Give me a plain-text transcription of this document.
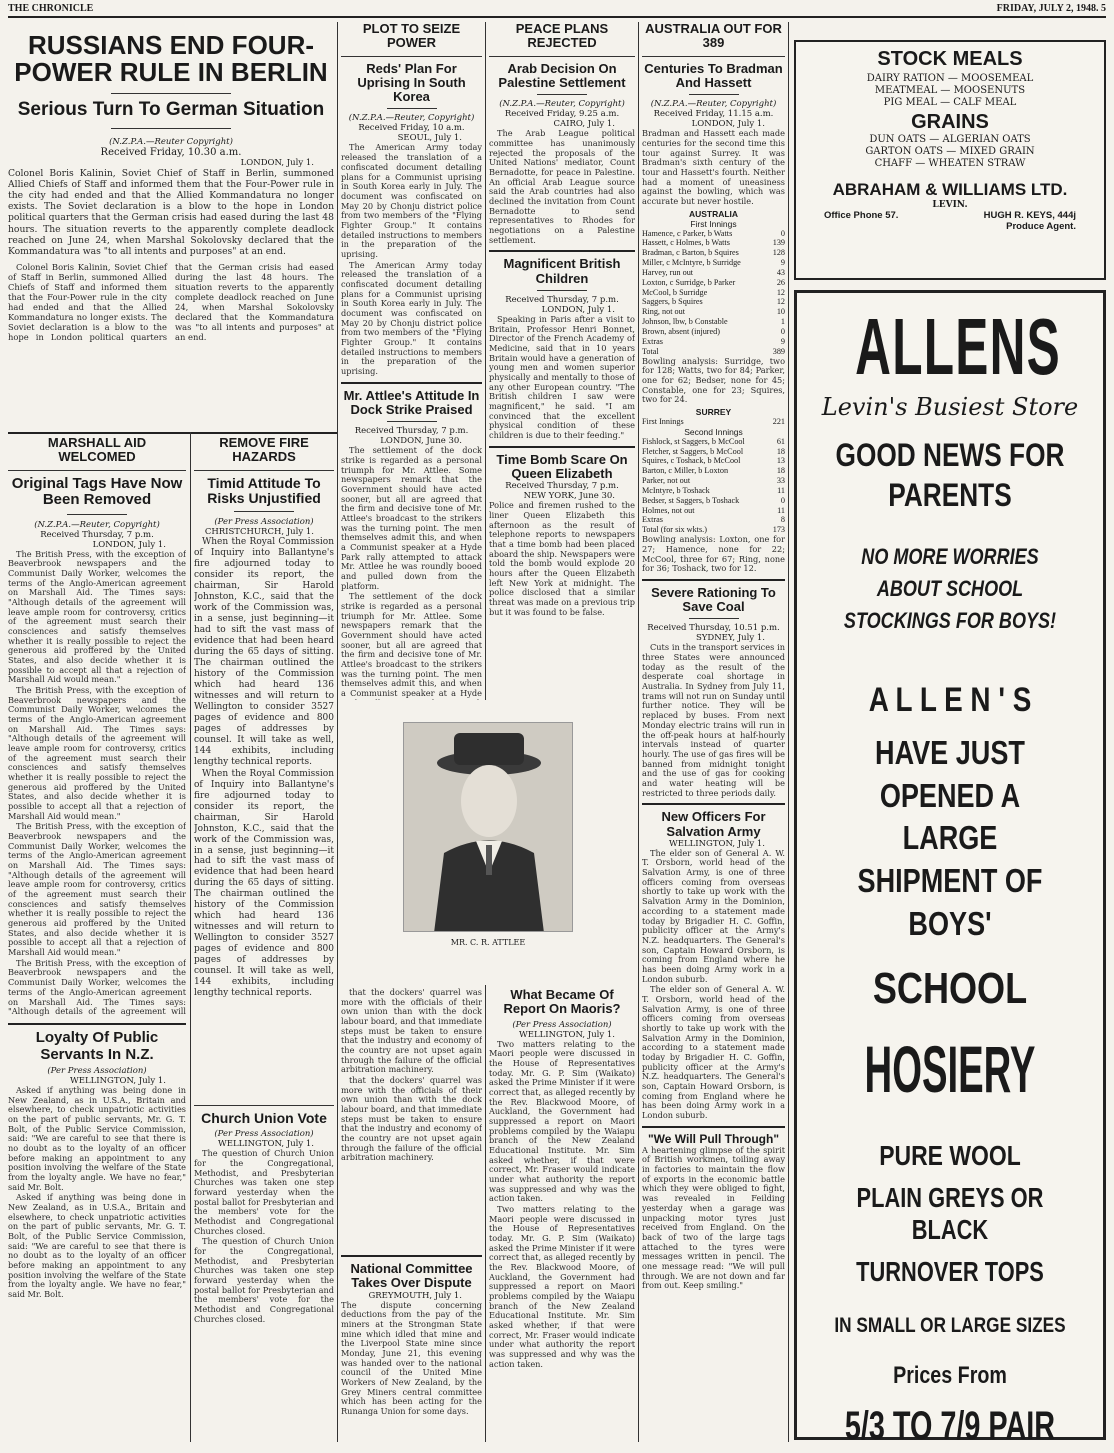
THE CHRONICLE	FRIDAY, JULY 2, 1948. 5
RUSSIANS END FOUR-POWER RULE IN BERLIN
Serious Turn To German Situation
(N.Z.P.A.—Reuter Copyright)
Received Friday, 10.30 a.m.
LONDON, July 1.
Colonel Boris Kalinin, Soviet Chief of Staff in Berlin, summoned Allied Chiefs of Staff and informed them that the Four-Power rule in the city had ended and that the Allied Kommandatura no longer exists. The Soviet declaration is a blow to the hope in London political quarters that the German crisis had eased during the last 48 hours. The situation reverts to the apparently complete deadlock reached on June 24, when Marshal Sokolovsky declared that the Kommandatura was "to all intents and purposes" at an end.

Colonel Boris Kalinin, Soviet Chief of Staff in Berlin, summoned Allied Chiefs of Staff and informed them that the Four-Power rule in the city had ended and that the Allied Kommandatura no longer exists. The Soviet declaration is a blow to the hope in London political quarters that the German crisis had eased during the last 48 hours. The situation reverts to the apparently complete deadlock reached on June 24, when Marshal Sokolovsky declared that the Kommandatura was "to all intents and purposes" at an end.

MARSHALL AID WELCOMED
Original Tags Have Now Been Removed
(N.Z.P.A.—Reuter, Copyright)
Received Thursday, 7 p.m.
LONDON, July 1.

The British Press, with the exception of Beaverbrook newspapers and the Communist Daily Worker, welcomes the terms of the Anglo-American agreement on Marshall Aid. The Times says: "Although details of the agreement will leave ample room for controversy, critics of the agreement must search their consciences and satisfy themselves whether it is really possible to reject the generous aid proffered by the United States, and also decide whether it is possible to accept all that a rejection of Marshall Aid would mean."

The British Press, with the exception of Beaverbrook newspapers and the Communist Daily Worker, welcomes the terms of the Anglo-American agreement on Marshall Aid. The Times says: "Although details of the agreement will leave ample room for controversy, critics of the agreement must search their consciences and satisfy themselves whether it is really possible to reject the generous aid proffered by the United States, and also decide whether it is possible to accept all that a rejection of Marshall Aid would mean."

The British Press, with the exception of Beaverbrook newspapers and the Communist Daily Worker, welcomes the terms of the Anglo-American agreement on Marshall Aid. The Times says: "Although details of the agreement will leave ample room for controversy, critics of the agreement must search their consciences and satisfy themselves whether it is really possible to reject the generous aid proffered by the United States, and also decide whether it is possible to accept all that a rejection of Marshall Aid would mean."

The British Press, with the exception of Beaverbrook newspapers and the Communist Daily Worker, welcomes the terms of the Anglo-American agreement on Marshall Aid. The Times says: "Although details of the agreement will

Loyalty Of Public Servants In N.Z.
(Per Press Association)
WELLINGTON, July 1.

Asked if anything was being done in New Zealand, as in U.S.A., Britain and elsewhere, to check unpatriotic activities on the part of public servants, Mr. G. T. Bolt, of the Public Service Commission, said: "We are careful to see that there is no doubt as to the loyalty of an officer before making an appointment to any position involving the welfare of the State from the loyalty angle. We have no fear," said Mr. Bolt.

Asked if anything was being done in New Zealand, as in U.S.A., Britain and elsewhere, to check unpatriotic activities on the part of public servants, Mr. G. T. Bolt, of the Public Service Commission, said: "We are careful to see that there is no doubt as to the loyalty of an officer before making an appointment to any position involving the welfare of the State from the loyalty angle. We have no fear," said Mr. Bolt.

REMOVE FIRE HAZARDS
Timid Attitude To Risks Unjustified
(Per Press Association)
CHRISTCHURCH, July 1.

When the Royal Commission of Inquiry into Ballantyne's fire adjourned today to consider its report, the chairman, Sir Harold Johnston, K.C., said that the work of the Commission was, in a sense, just beginning—it had to sift the vast mass of evidence that had been heard during the 65 days of sitting. The chairman outlined the history of the Commission which had heard 136 witnesses and will return to Wellington to consider 3527 pages of evidence and 800 pages of addresses by counsel. It will take as well, 144 exhibits, including lengthy technical reports.

When the Royal Commission of Inquiry into Ballantyne's fire adjourned today to consider its report, the chairman, Sir Harold Johnston, K.C., said that the work of the Commission was, in a sense, just beginning—it had to sift the vast mass of evidence that had been heard during the 65 days of sitting. The chairman outlined the history of the Commission which had heard 136 witnesses and will return to Wellington to consider 3527 pages of evidence and 800 pages of addresses by counsel. It will take as well, 144 exhibits, including lengthy technical reports.

Church Union Vote
(Per Press Association)
WELLINGTON, July 1.

The question of Church Union for the Congregational, Methodist, and Presbyterian Churches was taken one step forward yesterday when the postal ballot for Presbyterian and the members' vote for the Methodist and Congregational Churches closed.

The question of Church Union for the Congregational, Methodist, and Presbyterian Churches was taken one step forward yesterday when the postal ballot for Presbyterian and the members' vote for the Methodist and Congregational Churches closed.

PLOT TO SEIZE POWER
Reds' Plan For Uprising In South Korea
(N.Z.P.A.—Reuter, Copyright)
Received Friday, 10 a.m.
SEOUL, July 1.

The American Army today released the translation of a confiscated document detailing plans for a Communist uprising in South Korea early in July. The document was confiscated on May 20 by Chonju district police from two members of the "Flying Fighter Group." It contains detailed instructions to members in the preparation of the uprising.

The American Army today released the translation of a confiscated document detailing plans for a Communist uprising in South Korea early in July. The document was confiscated on May 20 by Chonju district police from two members of the "Flying Fighter Group." It contains detailed instructions to members in the preparation of the uprising.

Mr. Attlee's Attitude In Dock Strike Praised
Received Thursday, 7 p.m.
LONDON, June 30.

The settlement of the dock strike is regarded as a personal triumph for Mr. Attlee. Some newspapers remark that the Government should have acted sooner, but all are agreed that the firm and decisive tone of Mr. Attlee's broadcast to the strikers was the turning point. The men themselves admit this, and when a Communist speaker at a Hyde Park rally attempted to attack Mr. Attlee he was roundly booed and pulled down from the platform.

The settlement of the dock strike is regarded as a personal triumph for Mr. Attlee. Some newspapers remark that the Government should have acted sooner, but all are agreed that the firm and decisive tone of Mr. Attlee's broadcast to the strikers was the turning point. The men themselves admit this, and when a Communist speaker at a Hyde

MR. C. R. ATTLEE

that the dockers' quarrel was more with the officials of their own union than with the dock labour board, and that immediate steps must be taken to ensure that the industry and economy of the country are not upset again through the failure of the official arbitration machinery.

that the dockers' quarrel was more with the officials of their own union than with the dock labour board, and that immediate steps must be taken to ensure that the industry and economy of the country are not upset again through the failure of the official arbitration machinery.

National Committee Takes Over Dispute
GREYMOUTH, July 1.
The dispute concerning deductions from the pay of the miners at the Strongman State mine which idled that mine and the Liverpool State mine since Monday, June 21, this evening was handed over to the national council of the United Mine Workers of New Zealand, by the Grey Miners central committee which has been acting for the Runanga Union for some days.
PEACE PLANS REJECTED
Arab Decision On Palestine Settlement
(N.Z.P.A.—Reuter, Copyright)
Received Friday, 9.25 a.m.
CAIRO, July 1.

The Arab League political committee has unanimously rejected the proposals of the United Nations' mediator, Count Bernadotte, for peace in Palestine. An official Arab League source said the Arab countries had also declined the invitation from Count Bernadotte to send representatives to Rhodes for negotiations on a Palestine settlement.

Magnificent British Children
Received Thursday, 7 p.m.
LONDON, July 1.

Speaking in Paris after a visit to Britain, Professor Henri Bonnet, Director of the French Academy of Medicine, said that in 10 years Britain would have a generation of young men and women superior physically and mentally to those of any other European country. "The British children I saw were magnificent," he said. "I am convinced that the excellent physical condition of these children is due to their feeding."

Time Bomb Scare On Queen Elizabeth
Received Thursday, 7 p.m.
NEW YORK, June 30.
Police and firemen rushed to the liner Queen Elizabeth this afternoon as the result of telephone reports to newspapers that a time bomb had been placed aboard the ship. Newspapers were told the bomb would explode 20 hours after the Queen Elizabeth left New York at midnight. The police disclosed that a similar threat was made on a previous trip but it was found to be false.
What Became Of Report On Maoris?
(Per Press Association)
WELLINGTON, July 1.

Two matters relating to the Maori people were discussed in the House of Representatives today. Mr. G. P. Sim (Waikato) asked the Prime Minister if it were correct that, as alleged recently by the Rev. Blackwood Moore, of Auckland, the Government had suppressed a report on Maori problems compiled by the Waiapu branch of the New Zealand Educational Institute. Mr. Sim asked whether, if that were correct, Mr. Fraser would indicate under what authority the report was suppressed and why was the action taken.

Two matters relating to the Maori people were discussed in the House of Representatives today. Mr. G. P. Sim (Waikato) asked the Prime Minister if it were correct that, as alleged recently by the Rev. Blackwood Moore, of Auckland, the Government had suppressed a report on Maori problems compiled by the Waiapu branch of the New Zealand Educational Institute. Mr. Sim asked whether, if that were correct, Mr. Fraser would indicate under what authority the report was suppressed and why was the action taken.

AUSTRALIA OUT FOR 389
Centuries To Bradman And Hassett
(N.Z.P.A.—Reuter, Copyright)
Received Friday, 11.15 a.m.
LONDON, July 1.
Bradman and Hassett each made centuries for the second time this tour against Surrey. It was Bradman's sixth century of the tour and Hassett's fourth. Neither had a moment of uneasiness against the bowling, which was accurate but never hostile.
AUSTRALIA
First Innings
Hamence, c Parker, b Watts	0
Hassett, c Holmes, b Watts	139
Bradman, c Barton, b Squires	128
Miller, c McIntyre, b Surridge	9
Harvey, run out	43
Loxton, c Surridge, b Parker	26
McCool, b Surridge	12
Saggers, b Squires	12
Ring, not out	10
Johnson, lbw, b Constable	1
Brown, absent (injured)	0
Extras	9
Total	389
Bowling analysis: Surridge, two for 128; Watts, two for 84; Parker, one for 62; Bedser, none for 45; Constable, one for 23; Squires, two for 24.
SURREY
First Innings	221
Second Innings
Fishlock, st Saggers, b McCool	61
Fletcher, st Saggers, b McCool	18
Squires, c Toshack, b McCool	13
Barton, c Miller, b Loxton	18
Parker, not out	33
McIntyre, b Toshack	11
Bedser, st Saggers, b Toshack	0
Holmes, not out	11
Extras	8
Total (for six wkts.)	173
Bowling analysis: Loxton, one for 27; Hamence, none for 22; McCool, three for 67; Ring, none for 36; Toshack, two for 12.
Severe Rationing To Save Coal
Received Thursday, 10.51 p.m.
SYDNEY, July 1.

Cuts in the transport services in three States were announced today as the result of the desperate coal shortage in Australia. In Sydney from July 11, trams will not run on Sunday until further notice. They will be replaced by buses. From next Monday electric trains will run in the off-peak hours at half-hourly intervals instead of quarter hourly. The use of gas fires will be banned from midnight tonight and the use of gas for cooking and water heating will be restricted to three periods daily.

New Officers For Salvation Army
WELLINGTON, July 1.

The elder son of General A. W. T. Orsborn, world head of the Salvation Army, is one of three officers coming from overseas shortly to take up work with the Salvation Army in the Dominion, according to a statement made today by Brigadier H. C. Goffin, publicity officer at the Army's N.Z. headquarters. The General's son, Captain Howard Orsborn, is coming from England where he has been doing Army work in a London suburb.

The elder son of General A. W. T. Orsborn, world head of the Salvation Army, is one of three officers coming from overseas shortly to take up work with the Salvation Army in the Dominion, according to a statement made today by Brigadier H. C. Goffin, publicity officer at the Army's N.Z. headquarters. The General's son, Captain Howard Orsborn, is coming from England where he has been doing Army work in a London suburb.

"We Will Pull Through"
A heartening glimpse of the spirit of British workmen, toiling away in factories to maintain the flow of exports in the economic battle which they were obliged to fight, was revealed in Feilding yesterday when a garage was unpacking motor tyres just received from England. On the back of two of the large tags attached to the tyres were messages written in pencil. The one message read: "We will pull through. We are not down and far from out. Keep smiling."
STOCK MEALS
DAIRY RATION — MOOSEMEAL
MEATMEAL — MOOSENUTS
PIG MEAL — CALF MEAL
GRAINS
DUN OATS — ALGERIAN OATS
GARTON OATS — MIXED GRAIN
CHAFF — WHEATEN STRAW
ABRAHAM & WILLIAMS LTD.
LEVIN.
Office Phone 57.	HUGH R. KEYS, 444j
Produce Agent.
ALLENS
Levin's Busiest Store
GOOD NEWS FOR PARENTS
NO MORE WORRIES ABOUT SCHOOL STOCKINGS FOR BOYS!
A L L E N ' S
HAVE JUST OPENED A LARGE SHIPMENT OF BOYS'
SCHOOL
HOSIERY
PURE WOOL
PLAIN GREYS OR BLACK
TURNOVER TOPS
IN SMALL OR LARGE SIZES
Prices From
5/3 TO 7/9 PAIR
